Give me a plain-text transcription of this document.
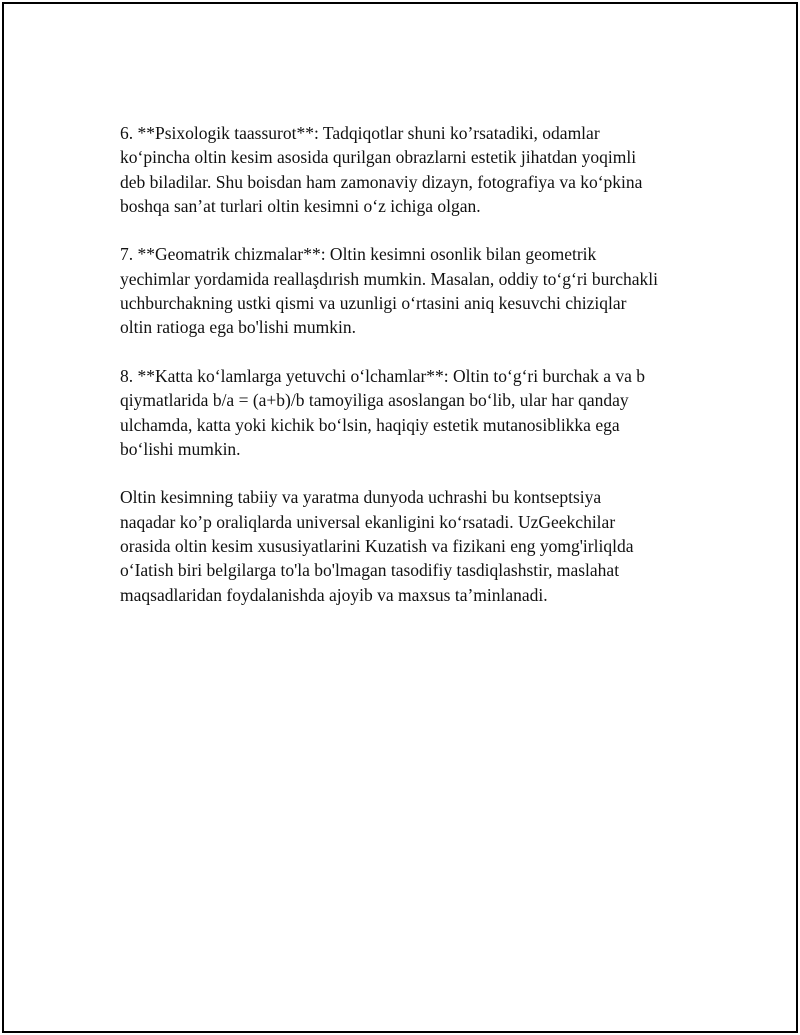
6. **Psixologik taassurot**: Tadqiqotlar shuni ko’rsatadiki, odamlar
ko‘pincha oltin kesim asosida qurilgan obrazlarni estetik jihatdan yoqimli
deb biladilar. Shu boisdan ham zamonaviy dizayn, fotografiya va ko‘pkina
boshqa san’at turlari oltin kesimni o‘z ichiga olgan.

7. **Geomatrik chizmalar**: Oltin kesimni osonlik bilan geometrik
yechimlar yordamida reallaşdırish mumkin. Masalan, oddiy to‘g‘ri burchakli
uchburchakning ustki qismi va uzunligi o‘rtasini aniq kesuvchi chiziqlar
oltin ratioga ega bo'lishi mumkin.

8. **Katta ko‘lamlarga yetuvchi o‘lchamlar**: Oltin to‘g‘ri burchak a va b
qiymatlarida b/a = (a+b)/b tamoyiliga asoslangan bo‘lib, ular har qanday
ulchamda, katta yoki kichik bo‘lsin, haqiqiy estetik mutanosiblikka ega
bo‘lishi mumkin.

Oltin kesimning tabiiy va yaratma dunyoda uchrashi bu kontseptsiya
naqadar ko’p oraliqlarda universal ekanligini ko‘rsatadi. UzGeekchilar
orasida oltin kesim xususiyatlarini Kuzatish va fizikani eng yomg'irliqlda
o‘Iatish biri belgilarga to'la bo'lmagan tasodifiy tasdiqlashstir, maslahat
maqsadlaridan foydalanishda ajoyib va maxsus ta’minlanadi.
